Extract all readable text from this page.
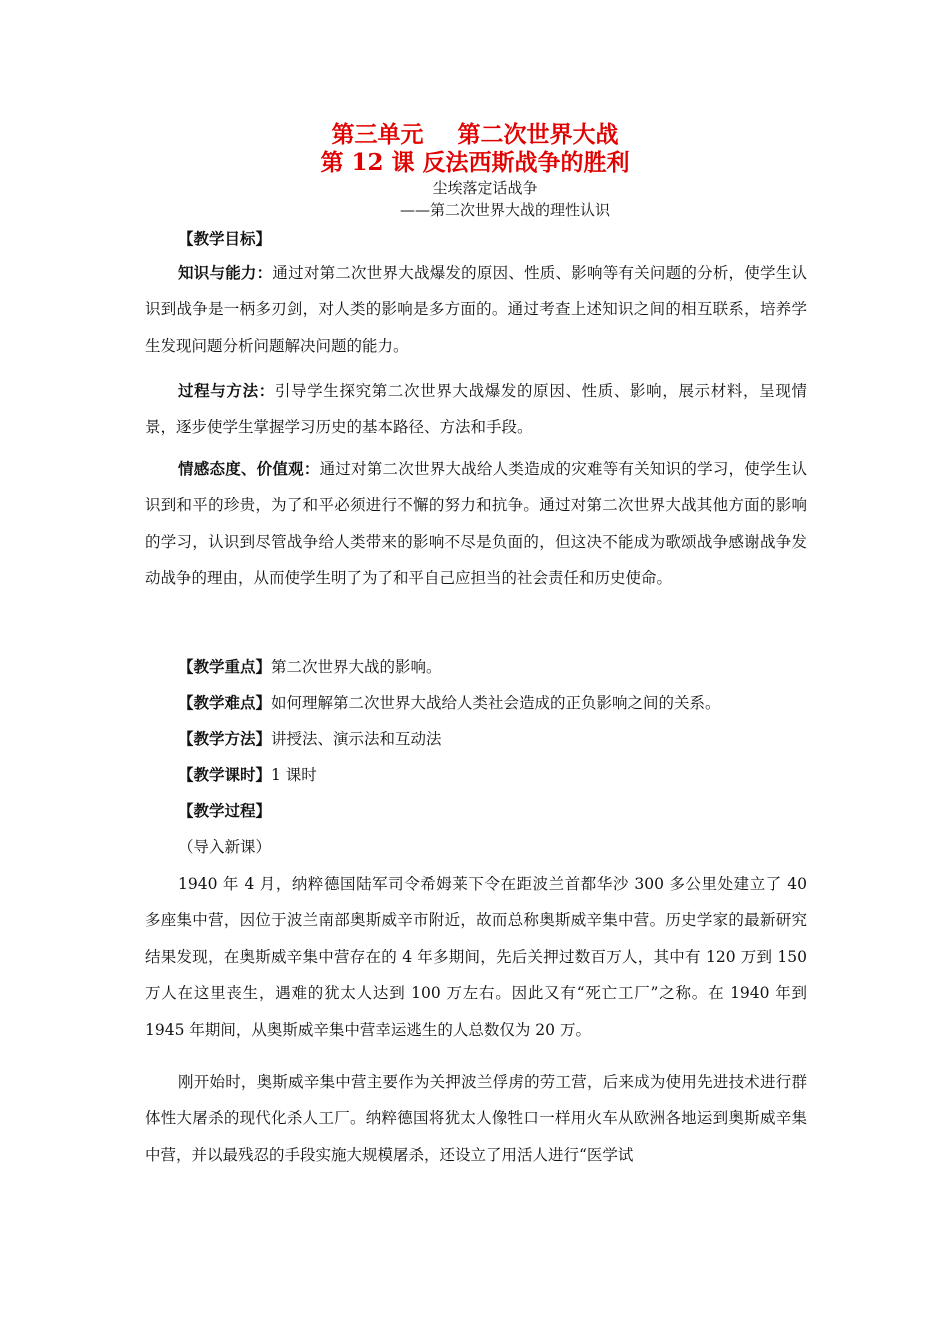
第三单元 第二次世界大战
第 12 课 反法西斯战争的胜利
尘埃落定话战争
——第二次世界大战的理性认识
【教学目标】

知识与能力：通过对第二次世界大战爆发的原因、性质、影响等有关问题的分析，使学生认识到战争是一柄多刃剑，对人类的影响是多方面的。通过考查上述知识之间的相互联系，培养学生发现问题分析问题解决问题的能力。

过程与方法：引导学生探究第二次世界大战爆发的原因、性质、影响，展示材料，呈现情景，逐步使学生掌握学习历史的基本路径、方法和手段。

情感态度、价值观：通过对第二次世界大战给人类造成的灾难等有关知识的学习，使学生认识到和平的珍贵，为了和平必须进行不懈的努力和抗争。通过对第二次世界大战其他方面的影响的学习，认识到尽管战争给人类带来的影响不尽是负面的，但这决不能成为歌颂战争感谢战争发动战争的理由，从而使学生明了为了和平自己应担当的社会责任和历史使命。

【教学重点】第二次世界大战的影响。
【教学难点】如何理解第二次世界大战给人类社会造成的正负影响之间的关系。
【教学方法】讲授法、演示法和互动法
【教学课时】1 课时
【教学过程】
（导入新课）

1940 年 4 月，纳粹德国陆军司令希姆莱下令在距波兰首都华沙 300 多公里处建立了 40 多座集中营，因位于波兰南部奥斯威辛市附近，故而总称奥斯威辛集中营。历史学家的最新研究结果发现，在奥斯威辛集中营存在的 4 年多期间，先后关押过数百万人，其中有 120 万到 150 万人在这里丧生，遇难的犹太人达到 100 万左右。因此又有“死亡工厂”之称。在 1940 年到 1945 年期间，从奥斯威辛集中营幸运逃生的人总数仅为 20 万。

刚开始时，奥斯威辛集中营主要作为关押波兰俘虏的劳工营，后来成为使用先进技术进行群体性大屠杀的现代化杀人工厂。纳粹德国将犹太人像牲口一样用火车从欧洲各地运到奥斯威辛集中营，并以最残忍的手段实施大规模屠杀，还设立了用活人进行“医学试
